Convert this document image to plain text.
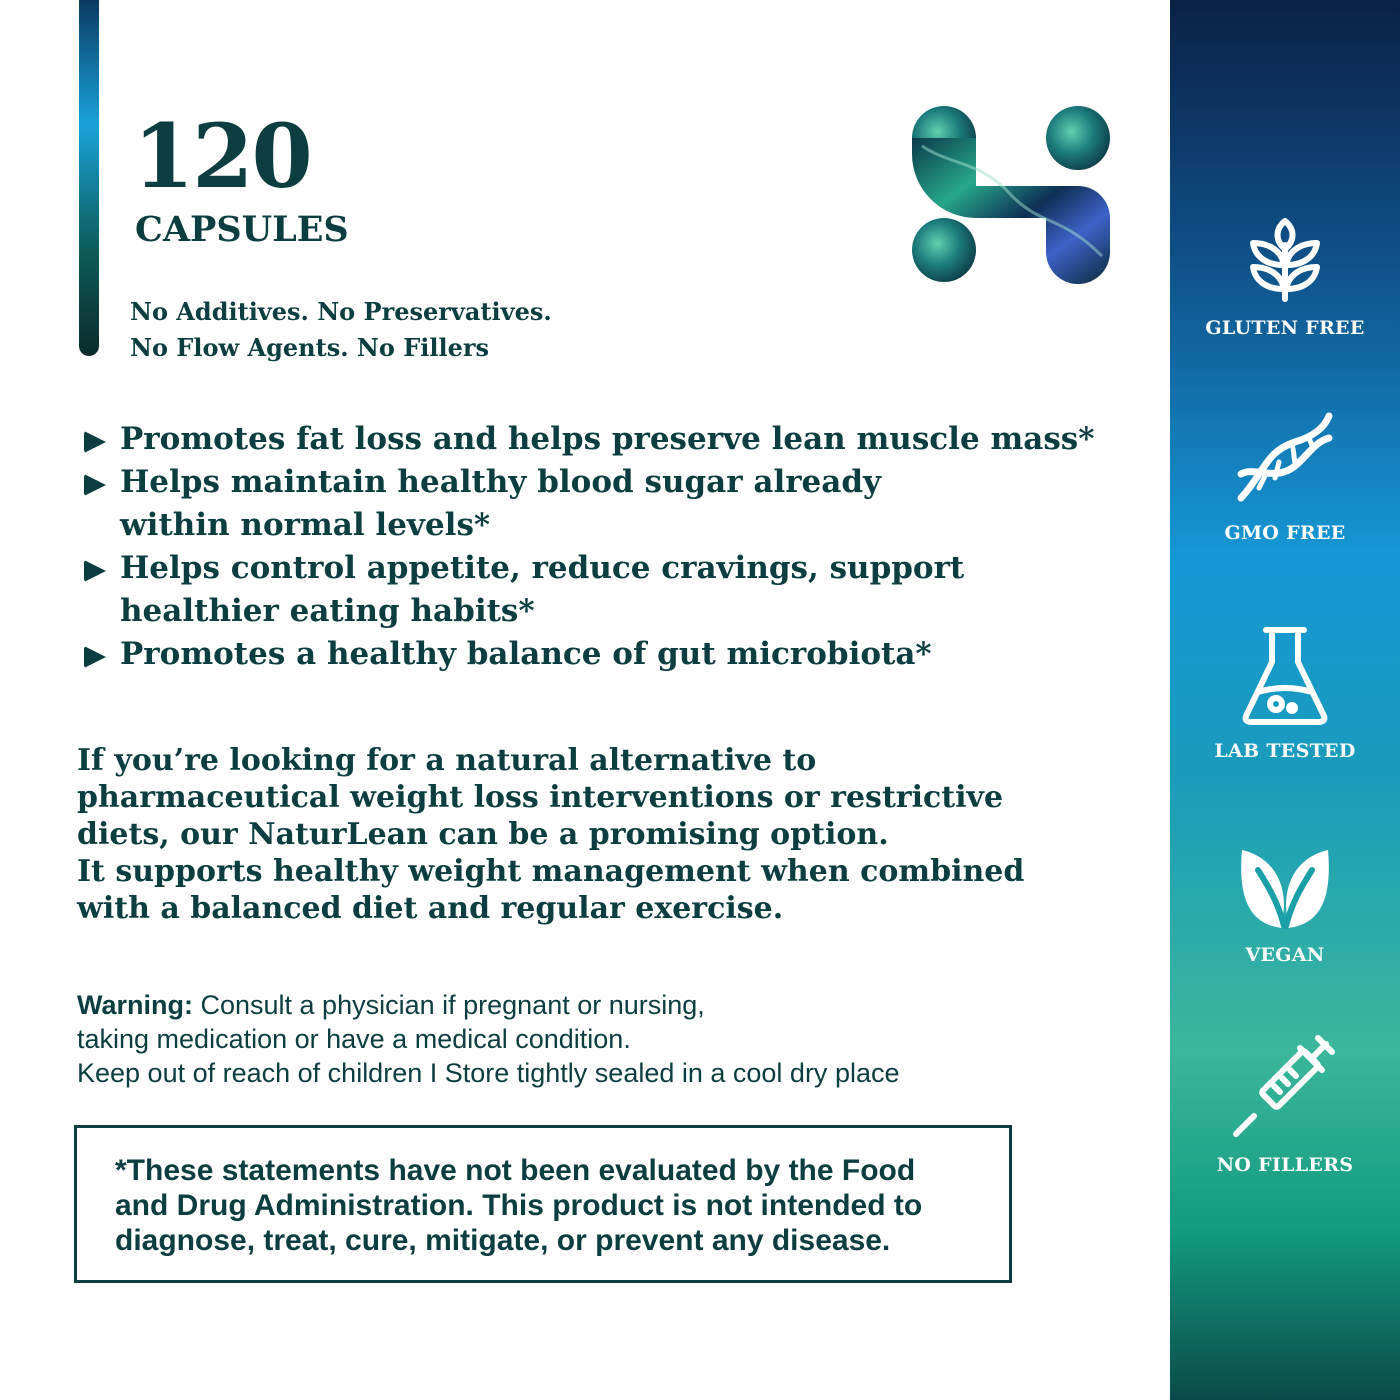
120
CAPSULES
No Additives. No Preservatives.
No Flow Agents. No Fillers
Promotes fat loss and helps preserve lean muscle mass*
Helps maintain healthy blood sugar already
within normal levels*
Helps control appetite, reduce cravings, support
healthier eating habits*
Promotes a healthy balance of gut microbiota*
If you’re looking for a natural alternative to
pharmaceutical weight loss interventions or restrictive
diets, our NaturLean can be a promising option.
It supports healthy weight management when combined
with a balanced diet and regular exercise.
Warning: Consult a physician if pregnant or nursing,
taking medication or have a medical condition.
Keep out of reach of children I Store tightly sealed in a cool dry place
*These statements have not been evaluated by the Food
and Drug Administration. This product is not intended to
diagnose, treat, cure, mitigate, or prevent any disease.
GLUTEN FREE
GMO FREE
LAB TESTED
VEGAN
NO FILLERS
